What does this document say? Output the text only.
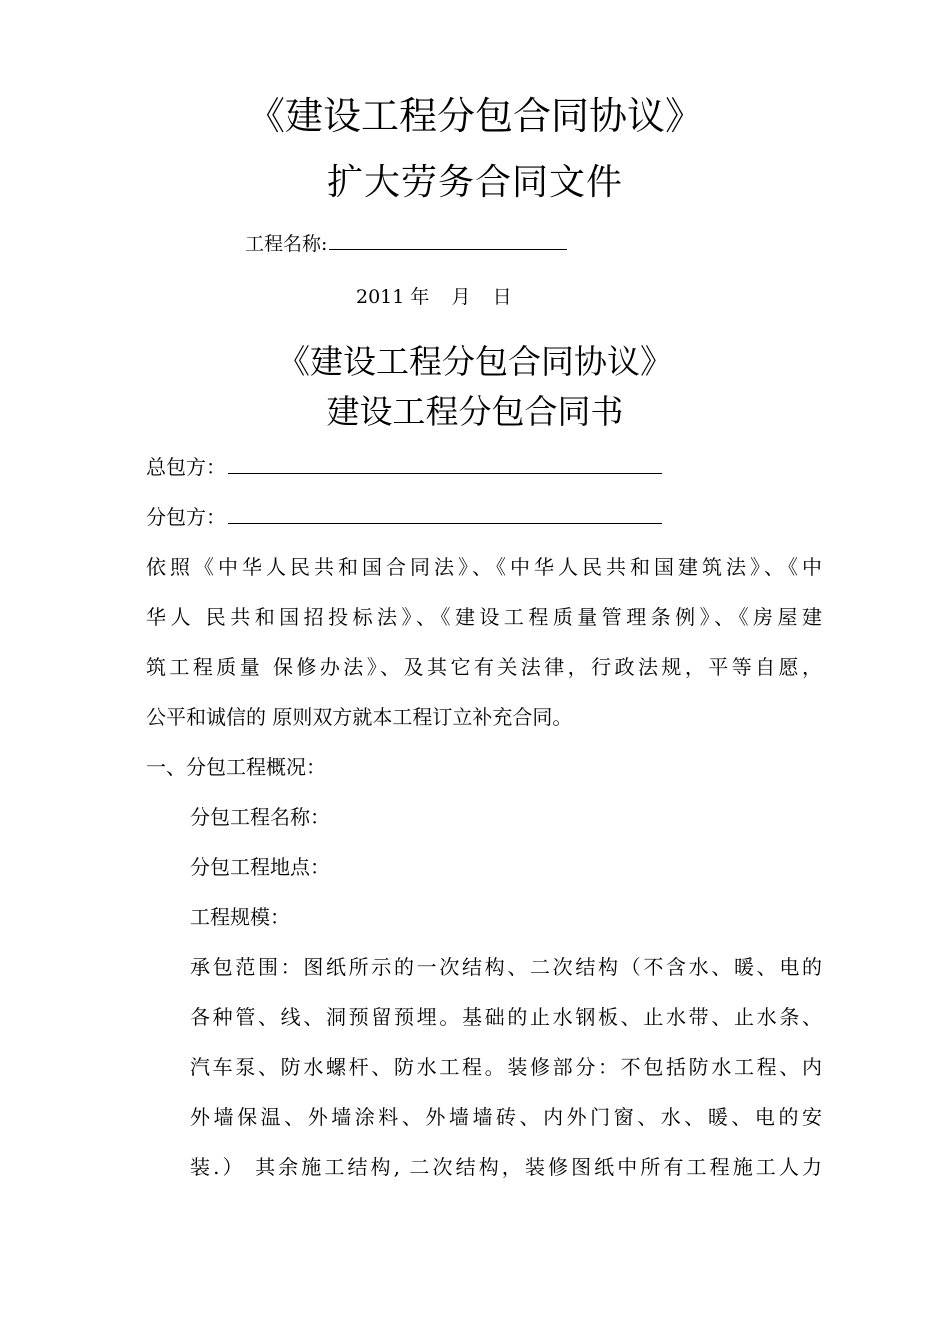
《建设工程分包合同协议》
扩大劳务合同文件
工程名称:
2011 年 月 日
《建设工程分包合同协议》
建设工程分包合同书
总包方：
分包方：
依照《中华人民共和国合同法》、《中华人民共和国建筑法》、《中
华人 民共和国招投标法》、《建设工程质量管理条例》、《房屋建
筑工程质量 保修办法》、及其它有关法律，行政法规，平等自愿，
公平和诚信的 原则双方就本工程订立补充合同。
一、分包工程概况：
分包工程名称：
分包工程地点：
工程规模：
承包范围：图纸所示的一次结构、二次结构（不含水、暖、电的
各种管、线、洞预留预埋。基础的止水钢板、止水带、止水条、
汽车泵、防水螺杆、防水工程。装修部分：不包括防水工程、内
外墙保温、外墙涂料、外墙墙砖、内外门窗、水、暖、电的安
装.） 其余施工结构, 二次结构，装修图纸中所有工程施工人力
